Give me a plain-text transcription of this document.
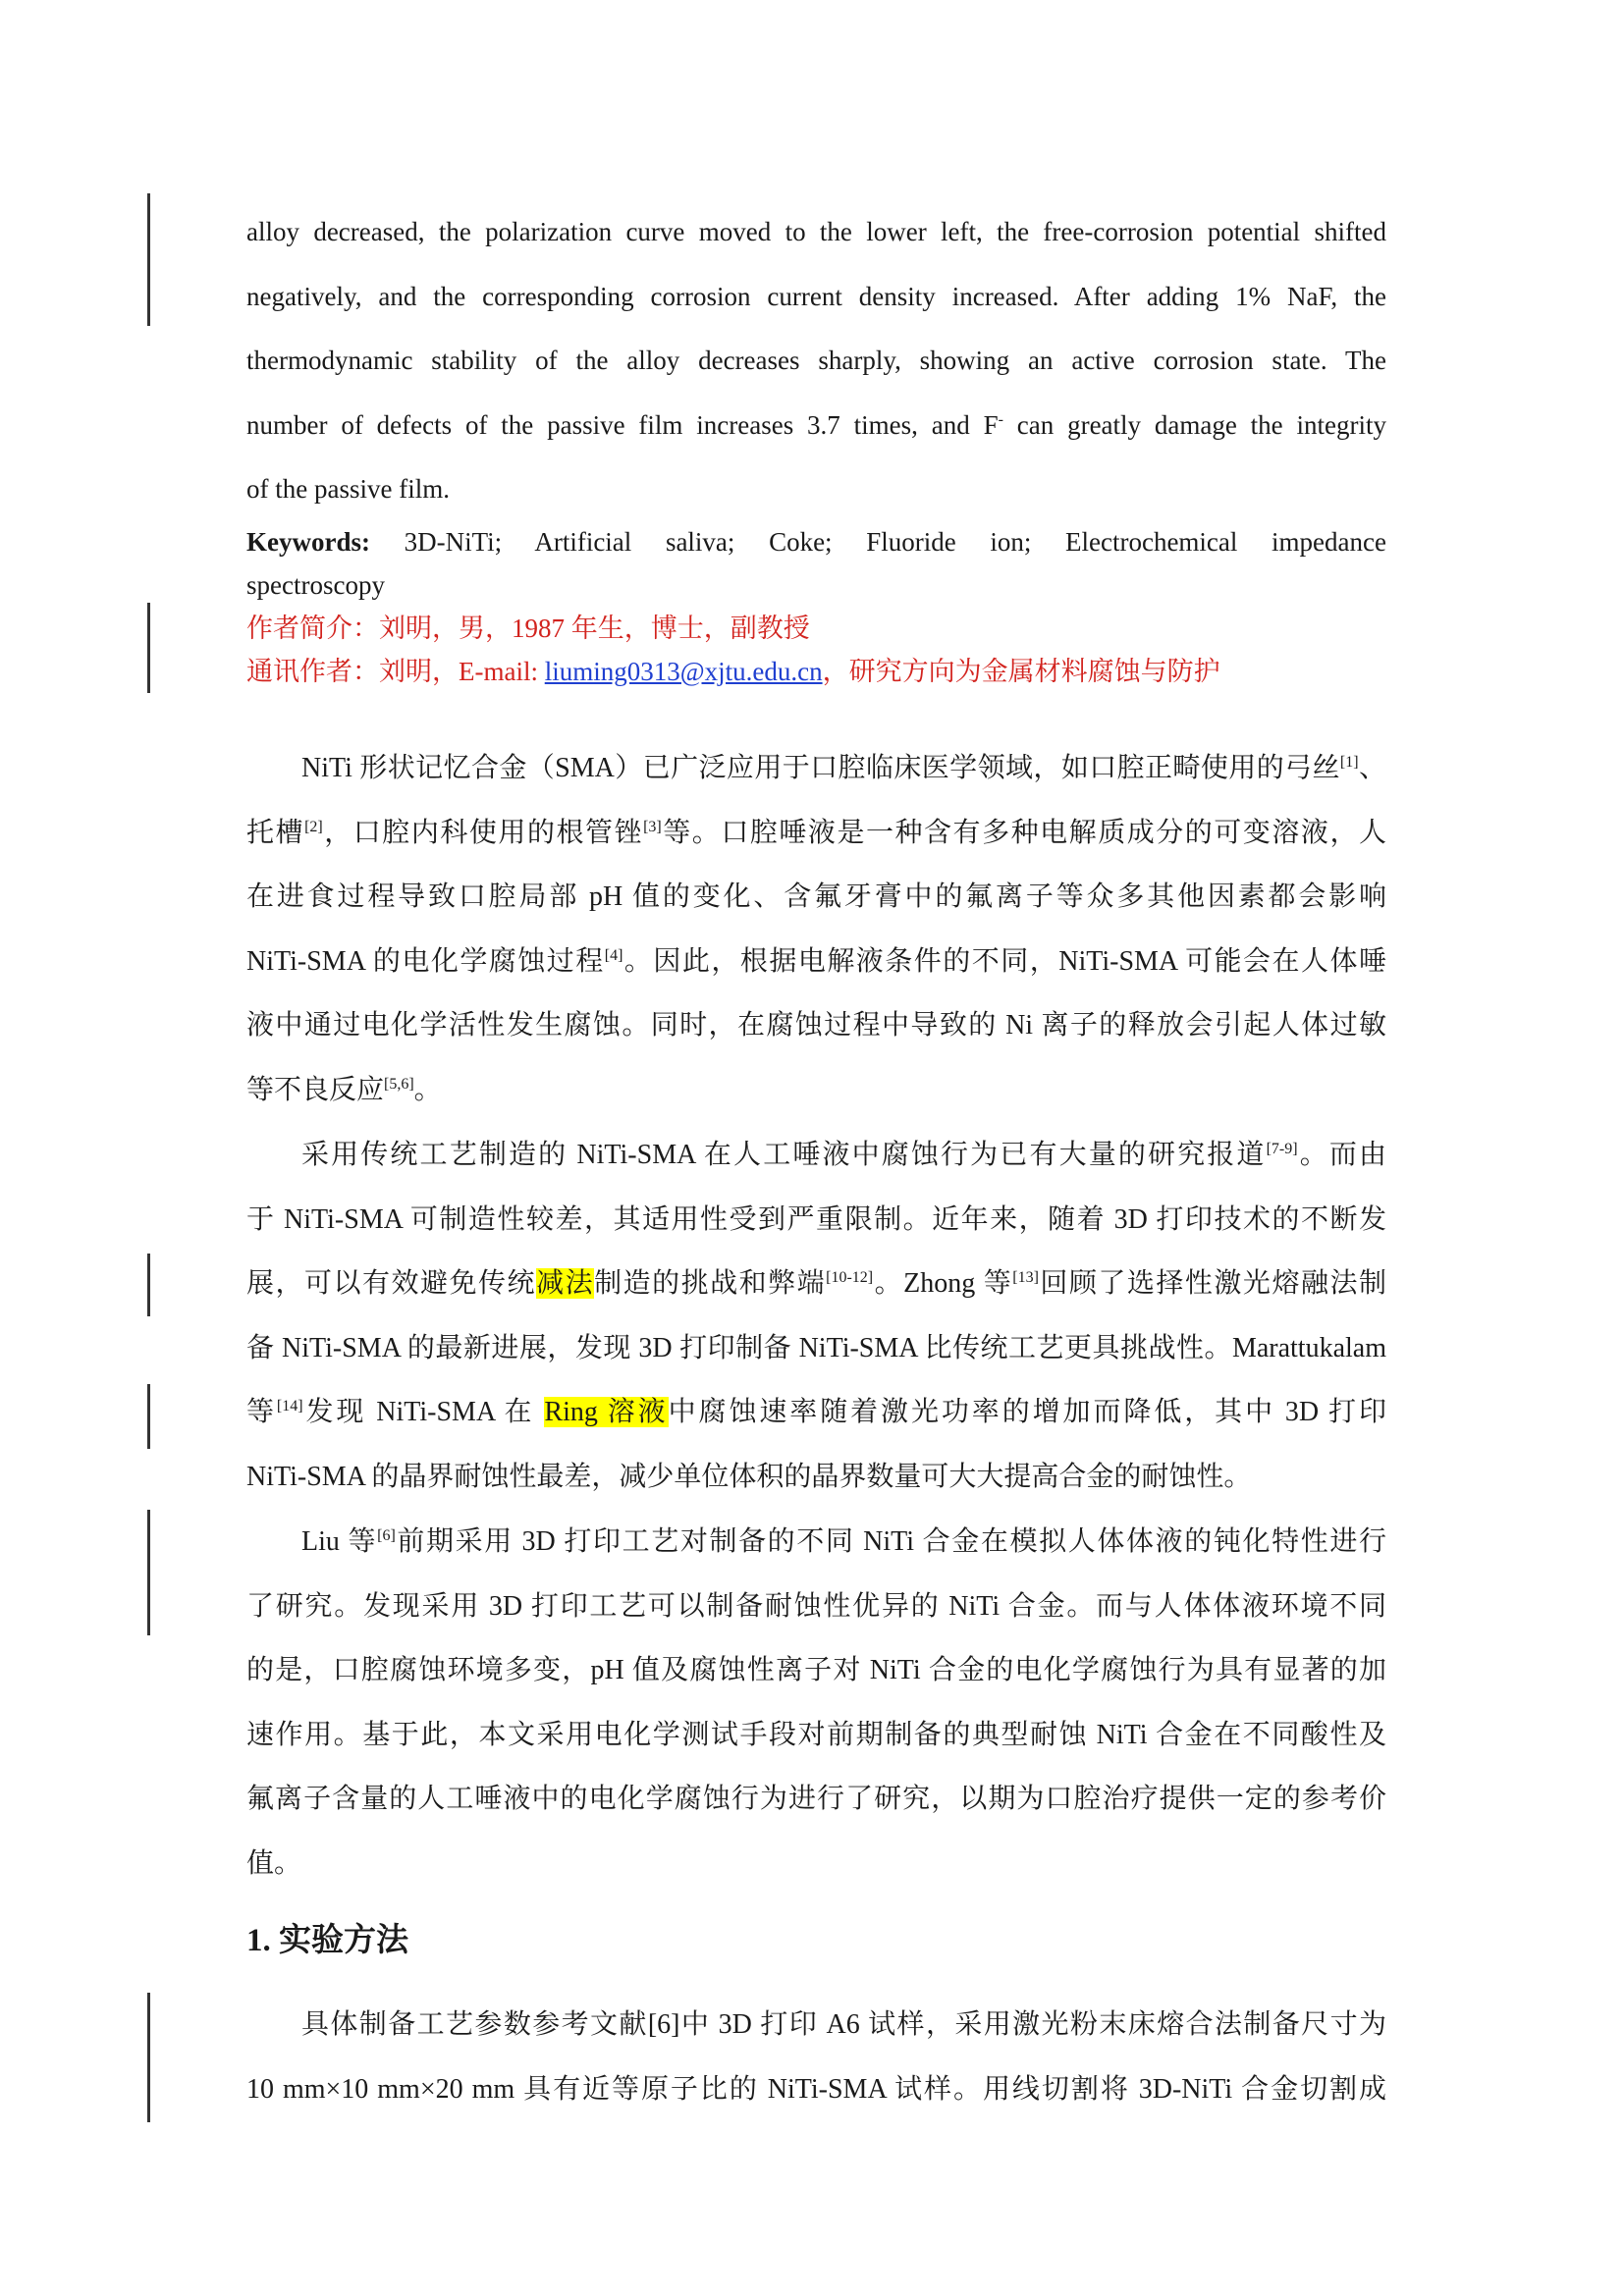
alloy decreased, the polarization curve moved to the lower left, the free-corrosion potential shifted
negatively, and the corresponding corrosion current density increased. After adding 1% NaF, the
thermodynamic stability of the alloy decreases sharply, showing an active corrosion state. The
number of defects of the passive film increases 3.7 times, and F- can greatly damage the integrity
of the passive film.
Keywords: 3D-NiTi; Artificial saliva; Coke; Fluoride ion; Electrochemical impedance
spectroscopy
作者简介：刘明，男，1987 年生，博士，副教授
通讯作者：刘明，E-mail: liuming0313@xjtu.edu.cn，研究方向为金属材料腐蚀与防护
NiTi 形状记忆合金（SMA）已广泛应用于口腔临床医学领域，如口腔正畸使用的弓丝[1]、
托槽[2]，口腔内科使用的根管锉[3]等。口腔唾液是一种含有多种电解质成分的可变溶液，人
在进食过程导致口腔局部 pH 值的变化、含氟牙膏中的氟离子等众多其他因素都会影响
NiTi-SMA 的电化学腐蚀过程[4]。因此，根据电解液条件的不同，NiTi-SMA 可能会在人体唾
液中通过电化学活性发生腐蚀。同时，在腐蚀过程中导致的 Ni 离子的释放会引起人体过敏
等不良反应[5,6]。
采用传统工艺制造的 NiTi-SMA 在人工唾液中腐蚀行为已有大量的研究报道[7-9]。而由
于 NiTi-SMA 可制造性较差，其适用性受到严重限制。近年来，随着 3D 打印技术的不断发
展，可以有效避免传统减法制造的挑战和弊端[10-12]。Zhong 等[13]回顾了选择性激光熔融法制
备 NiTi-SMA 的最新进展，发现 3D 打印制备 NiTi-SMA 比传统工艺更具挑战性。Marattukalam
等[14]发现 NiTi-SMA 在 Ring 溶液中腐蚀速率随着激光功率的增加而降低，其中 3D 打印
NiTi-SMA 的晶界耐蚀性最差，减少单位体积的晶界数量可大大提高合金的耐蚀性。
Liu 等[6]前期采用 3D 打印工艺对制备的不同 NiTi 合金在模拟人体体液的钝化特性进行
了研究。发现采用 3D 打印工艺可以制备耐蚀性优异的 NiTi 合金。而与人体体液环境不同
的是，口腔腐蚀环境多变，pH 值及腐蚀性离子对 NiTi 合金的电化学腐蚀行为具有显著的加
速作用。基于此，本文采用电化学测试手段对前期制备的典型耐蚀 NiTi 合金在不同酸性及
氟离子含量的人工唾液中的电化学腐蚀行为进行了研究，以期为口腔治疗提供一定的参考价
值。
1. 实验方法
具体制备工艺参数参考文献[6]中 3D 打印 A6 试样，采用激光粉末床熔合法制备尺寸为
10 mm×10 mm×20 mm 具有近等原子比的 NiTi-SMA 试样。用线切割将 3D-NiTi 合金切割成
